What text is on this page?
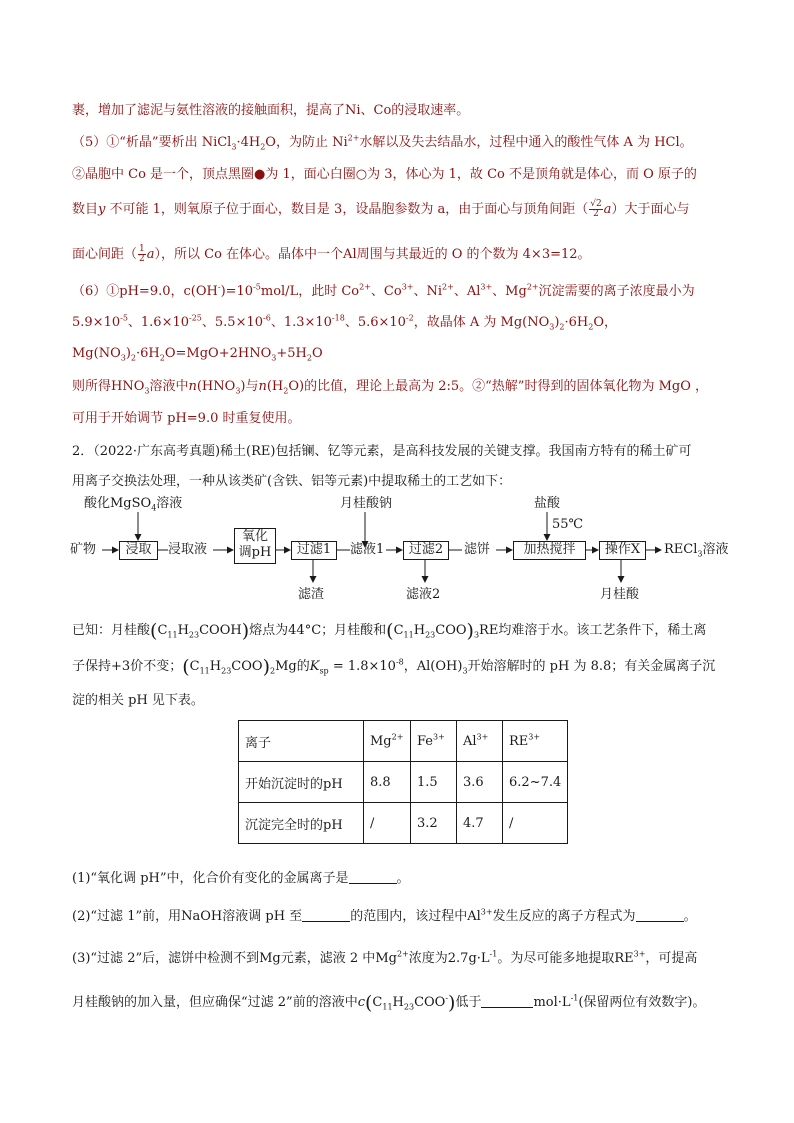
裹，增加了滤泥与氨性溶液的接触面积，提高了Ni、Co的浸取速率。
（5）①“析晶”要析出 $NiCl_3\cdot 4H_2O$，为防止 $Ni^{2+}$水解以及失去结晶水，过程中通入的酸性气体 A 为 HCl。
②晶胞中 Co 是一个，顶点黑圈●为 1，面心白圈○为 3，体心为 1，故 Co 不是顶角就是体心，而 O 原子的
数目y 不可能 1，则氧原子位于面心，数目是 3，设晶胞参数为 a，由于面心与顶角间距（ $\frac{√2}{2} a$）大于面心与
面心间距（ $\frac{1}{2} a$），所以 Co 在体心。晶体中一个Al周围与其最近的 O 的个数为 4×3=12。
（6）①pH=9.0，$c(OH^-)=10^{-5}mol/L$，此时 $Co^{2+}$、$Co^{3+}$、$Ni^{2+}$、$Al^{3+}$、$Mg^{2+}$沉淀需要的离子浓度最小为
$5.9\times 10^{-5}$、$1.6\times 10^{-25}$、$5.5\times 10^{-6}$、$1.3\times 10^{-18}$、$5.6\times 10^{-2}$，故晶体 A 为 $Mg(NO_3)_2\cdot 6H_2O$，
$Mg(NO_3)_2\cdot 6H_2O=MgO+2HNO_3+5H_2O$
则所得$HNO_3$溶液中$n(HNO_3)$与$n(H_2O)$的比值，理论上最高为 2:5。②“热解”时得到的固体氧化物为 MgO ，
可用于开始调节 pH=9.0 时重复使用。
2．（2022·广东高考真题)稀土(RE)包括镧、钇等元素，是高科技发展的关键支撑。我国南方特有的稀土矿可
用离子交换法处理，一种从该类矿(含铁、铝等元素)中提取稀土的工艺如下：
酸化MgSO$_4$溶液
矿物	浸取	浸取液
氧化
调pH	过滤1
月桂酸钠
滤液1	过滤2	滤饼
盐酸
55℃
加热搅拌	操作X	RECl$_3$溶液
滤渣	滤液2	月桂酸
已知：月桂酸$(C_{11}H_{23}COOH)$熔点为44°C；月桂酸和$(C_{11}H_{23}COO)_3RE$均难溶于水。该工艺条件下，稀土离
子保持+3价不变；$(C_{11}H_{23}COO)_2Mg$的$K_{sp} = 1.8\times 10^{-8}$，$Al(OH)_3$开始溶解时的 pH 为 8.8；有关金属离子沉
淀的相关 pH 见下表。
离子	$Mg^{2+}$	$Fe^{3+}$	$Al^{3+}$	$RE^{3+}$
开始沉淀时的pH	8.8	1.5	3.6	6.2~7.4
沉淀完全时的pH	/	3.2	4.7	/
(1)“氧化调 pH”中，化合价有变化的金属离子是	。
(2)“过滤 1”前，用NaOH溶液调 pH 至	的范围内，该过程中$Al^{3+}$发生反应的离子方程式为	。
(3)“过滤 2”后，滤饼中检测不到Mg元素，滤液 2 中$Mg^{2+}$浓度为$2.7g\cdot L^{-1}$。为尽可能多地提取$RE^{3+}$，可提高
月桂酸钠的加入量，但应确保“过滤 2”前的溶液中$c(C_{11}H_{23}COO^-)$低于	$mol\cdot L^{-1}$(保留两位有效数字)。
